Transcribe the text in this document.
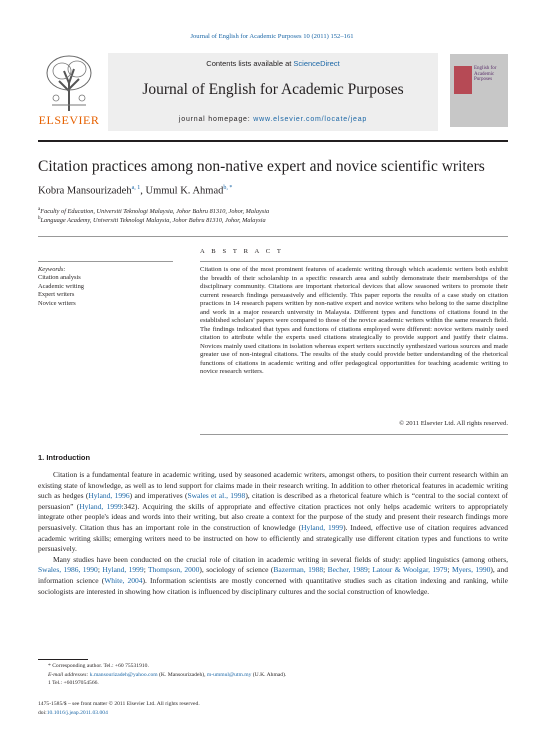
Journal of English for Academic Purposes 10 (2011) 152–161
ELSEVIER
Contents lists available at ScienceDirect
Journal of English for Academic Purposes
journal homepage: www.elsevier.com/locate/jeap
English for Academic Purposes
Citation practices among non-native expert and novice scientific writers
Kobra Mansourizadeh$^{a, 1}$, Ummul K. Ahmad$^{b, *}$
$^a$Faculty of Education, Universiti Teknologi Malaysia, Johor Bahru 81310, Johor, Malaysia
$^b$Language Academy, Universiti Teknologi Malaysia, Johor Bahru 81310, Johor, Malaysia
A B S T R A C T
Keywords:
Citation analysis
Academic writing
Expert writers
Novice writers
Citation is one of the most prominent features of academic writing through which academic writers both exhibit the breadth of their scholarship in a specific research area and subtly demonstrate their memberships of the disciplinary community. Citations are important rhetorical devices that allow seasoned writers to promote their current research findings persuasively and efficiently. This paper reports the results of a case study on citation practices in 14 research papers written by non-native expert and novice writers who belong to the same discipline and work in a major research university in Malaysia. Different types and functions of citations found in the established scholars' papers were compared to those of the novice academic writers within the same research field. The findings indicated that types and functions of citations employed were different: novice writers mainly used citation to attribute while the experts used citations strategically to provide support and justify their claims. Novices mainly used citations in isolation whereas expert writers succinctly synthesized various sources and made greater use of non-integral citations. The results of the study could provide better understanding of the rhetorical functions of citations in academic writing and offer pedagogical opportunities for teaching academic writing to novice research writers.
© 2011 Elsevier Ltd. All rights reserved.
1. Introduction

Citation is a fundamental feature in academic writing, used by seasoned academic writers, amongst others, to position their current research within an existing state of knowledge, as well as to lend support for claims made in their research writing. In addition to other rhetorical features in academic writing such as hedges (Hyland, 1996) and imperatives (Swales et al., 1998), citation is described as a rhetorical feature which is “central to the social context of persuasion” (Hyland, 1999:342). Acquiring the skills of appropriate and effective citation practices not only helps academic writers to appropriately integrate other people's ideas and words into their writing, but also create a context for the purpose of the study and present their research findings more persuasively. Citation thus has an important role in the construction of knowledge (Hyland, 1999). Indeed, effective use of citation requires advanced academic writing skills; emerging writers need to be instructed on how to efficiently and strategically use different citation types and functions to write persuasively.

Many studies have been conducted on the crucial role of citation in academic writing in several fields of study: applied linguistics (among others, Swales, 1986, 1990; Hyland, 1999; Thompson, 2000), sociology of science (Bazerman, 1988; Becher, 1989; Latour & Woolgar, 1979; Myers, 1990), and information science (White, 2004). Information scientists are mostly concerned with quantitative studies such as citation indexing and ranking, while sociologists are interested in showing how citation is influenced by disciplinary cultures and the social construction of knowledge.

* Corresponding author. Tel.: +60 75531910.
E-mail addresses: k.mansourizadeh@yahoo.com (K. Mansourizadeh), m-ummul@utm.my (U.K. Ahmad).
1 Tel.: +60197054566.
1475-1585/$ – see front matter © 2011 Elsevier Ltd. All rights reserved.
doi:10.1016/j.jeap.2011.03.004
